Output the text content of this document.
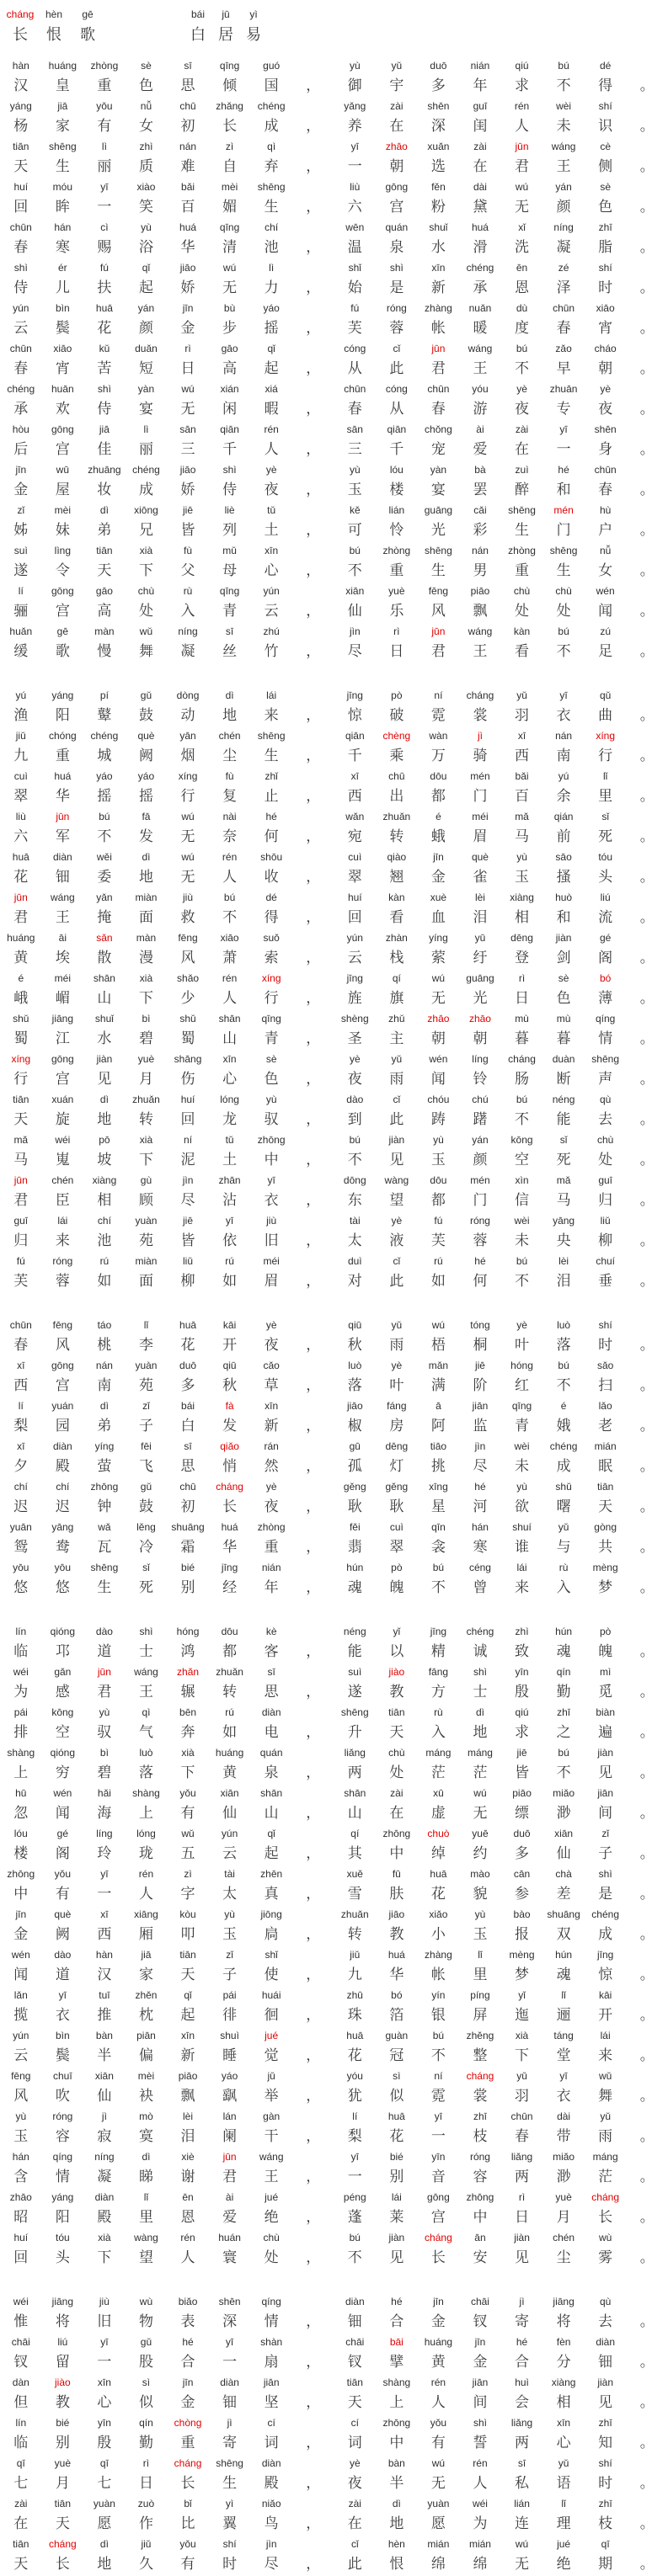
cháng
长
hèn
恨
gē
歌
bái
白
jū
居
yì
易
hàn
汉
huáng
皇
zhòng
重
sè
色
sī
思
qīng
倾
guó
国
，
yù
御
yǔ
宇
duō
多
nián
年
qiú
求
bú
不
dé
得
。
yáng
杨
jiā
家
yǒu
有
nǚ
女
chū
初
zhǎng
长
chéng
成
，
yǎng
养
zài
在
shēn
深
guī
闺
rén
人
wèi
未
shí
识
。
tiān
天
shēng
生
lì
丽
zhì
质
nán
难
zì
自
qì
弃
，
yī
一
zhāo
朝
xuǎn
选
zài
在
jūn
君
wáng
王
cè
侧
。
huí
回
móu
眸
yī
一
xiào
笑
bǎi
百
mèi
媚
shēng
生
，
liù
六
gōng
宫
fěn
粉
dài
黛
wú
无
yán
颜
sè
色
。
chūn
春
hán
寒
cì
赐
yù
浴
huá
华
qīng
清
chí
池
，
wēn
温
quán
泉
shuǐ
水
huá
滑
xǐ
洗
níng
凝
zhī
脂
。
shì
侍
ér
儿
fú
扶
qǐ
起
jiāo
娇
wú
无
lì
力
，
shǐ
始
shì
是
xīn
新
chéng
承
ēn
恩
zé
泽
shí
时
。
yún
云
bìn
鬓
huā
花
yán
颜
jīn
金
bù
步
yáo
摇
，
fú
芙
róng
蓉
zhàng
帐
nuǎn
暖
dù
度
chūn
春
xiāo
宵
。
chūn
春
xiāo
宵
kǔ
苦
duǎn
短
rì
日
gāo
高
qǐ
起
，
cóng
从
cǐ
此
jūn
君
wáng
王
bú
不
zǎo
早
cháo
朝
。
chéng
承
huān
欢
shì
侍
yàn
宴
wú
无
xián
闲
xiá
暇
，
chūn
春
cóng
从
chūn
春
yóu
游
yè
夜
zhuān
专
yè
夜
。
hòu
后
gōng
宫
jiā
佳
lì
丽
sān
三
qiān
千
rén
人
，
sān
三
qiān
千
chǒng
宠
ài
爱
zài
在
yī
一
shēn
身
。
jīn
金
wū
屋
zhuāng
妆
chéng
成
jiāo
娇
shì
侍
yè
夜
，
yù
玉
lóu
楼
yàn
宴
bà
罢
zuì
醉
hé
和
chūn
春
。
zǐ
姊
mèi
妹
dì
弟
xiōng
兄
jiē
皆
liè
列
tǔ
土
，
kě
可
lián
怜
guāng
光
cǎi
彩
shēng
生
mén
门
hù
户
。
suì
遂
lìng
令
tiān
天
xià
下
fù
父
mǔ
母
xīn
心
，
bú
不
zhòng
重
shēng
生
nán
男
zhòng
重
shēng
生
nǚ
女
。
lí
骊
gōng
宫
gāo
高
chù
处
rù
入
qīng
青
yún
云
，
xiān
仙
yuè
乐
fēng
风
piāo
飘
chù
处
chù
处
wén
闻
。
huǎn
缓
gē
歌
màn
慢
wǔ
舞
níng
凝
sī
丝
zhú
竹
，
jìn
尽
rì
日
jūn
君
wáng
王
kàn
看
bú
不
zú
足
。
yú
渔
yáng
阳
pí
鼙
gǔ
鼓
dòng
动
dì
地
lái
来
，
jīng
惊
pò
破
ní
霓
cháng
裳
yǔ
羽
yī
衣
qǔ
曲
。
jiǔ
九
chóng
重
chéng
城
què
阙
yān
烟
chén
尘
shēng
生
，
qiān
千
chèng
乘
wàn
万
jì
骑
xī
西
nán
南
xíng
行
。
cuì
翠
huá
华
yáo
摇
yáo
摇
xíng
行
fù
复
zhǐ
止
，
xī
西
chū
出
dōu
都
mén
门
bǎi
百
yú
余
lǐ
里
。
liù
六
jūn
军
bú
不
fā
发
wú
无
nài
奈
hé
何
，
wǎn
宛
zhuǎn
转
é
蛾
méi
眉
mǎ
马
qián
前
sǐ
死
。
huā
花
diàn
钿
wěi
委
dì
地
wú
无
rén
人
shōu
收
，
cuì
翠
qiào
翘
jīn
金
què
雀
yù
玉
sāo
搔
tóu
头
。
jūn
君
wáng
王
yǎn
掩
miàn
面
jiù
救
bú
不
dé
得
，
huí
回
kàn
看
xuè
血
lèi
泪
xiàng
相
huò
和
liú
流
。
huáng
黄
āi
埃
sǎn
散
màn
漫
fēng
风
xiāo
萧
suǒ
索
，
yún
云
zhàn
栈
yíng
萦
yū
纡
dēng
登
jiàn
剑
gé
阁
。
é
峨
méi
嵋
shān
山
xià
下
shǎo
少
rén
人
xíng
行
，
jīng
旌
qí
旗
wú
无
guāng
光
rì
日
sè
色
bó
薄
。
shǔ
蜀
jiāng
江
shuǐ
水
bì
碧
shǔ
蜀
shān
山
qīng
青
，
shèng
圣
zhǔ
主
zhāo
朝
zhāo
朝
mù
暮
mù
暮
qíng
情
。
xíng
行
gōng
宫
jiàn
见
yuè
月
shāng
伤
xīn
心
sè
色
，
yè
夜
yǔ
雨
wén
闻
líng
铃
cháng
肠
duàn
断
shēng
声
。
tiān
天
xuán
旋
dì
地
zhuǎn
转
huí
回
lóng
龙
yù
驭
，
dào
到
cǐ
此
chóu
踌
chú
躇
bú
不
néng
能
qù
去
。
mǎ
马
wéi
嵬
pō
坡
xià
下
ní
泥
tǔ
土
zhōng
中
，
bú
不
jiàn
见
yù
玉
yán
颜
kōng
空
sǐ
死
chù
处
。
jūn
君
chén
臣
xiàng
相
gù
顾
jìn
尽
zhān
沾
yī
衣
，
dōng
东
wàng
望
dōu
都
mén
门
xìn
信
mǎ
马
guī
归
。
guī
归
lái
来
chí
池
yuàn
苑
jiē
皆
yī
依
jiù
旧
，
tài
太
yè
液
fú
芙
róng
蓉
wèi
未
yāng
央
liǔ
柳
。
fú
芙
róng
蓉
rú
如
miàn
面
liǔ
柳
rú
如
méi
眉
，
duì
对
cǐ
此
rú
如
hé
何
bú
不
lèi
泪
chuí
垂
。
chūn
春
fēng
风
táo
桃
lǐ
李
huā
花
kāi
开
yè
夜
，
qiū
秋
yǔ
雨
wú
梧
tóng
桐
yè
叶
luò
落
shí
时
。
xī
西
gōng
宫
nán
南
yuàn
苑
duō
多
qiū
秋
cǎo
草
，
luò
落
yè
叶
mǎn
满
jiē
阶
hóng
红
bú
不
sǎo
扫
。
lí
梨
yuán
园
dì
弟
zǐ
子
bái
白
fà
发
xīn
新
，
jiāo
椒
fáng
房
ā
阿
jiān
监
qīng
青
é
娥
lǎo
老
。
xī
夕
diàn
殿
yíng
萤
fēi
飞
sī
思
qiǎo
悄
rán
然
，
gū
孤
dēng
灯
tiāo
挑
jìn
尽
wèi
未
chéng
成
mián
眠
。
chí
迟
chí
迟
zhōng
钟
gǔ
鼓
chū
初
cháng
长
yè
夜
，
gěng
耿
gěng
耿
xīng
星
hé
河
yù
欲
shǔ
曙
tiān
天
。
yuān
鸳
yāng
鸯
wǎ
瓦
lěng
冷
shuāng
霜
huá
华
zhòng
重
，
fěi
翡
cuì
翠
qīn
衾
hán
寒
shuí
谁
yǔ
与
gòng
共
。
yōu
悠
yōu
悠
shēng
生
sǐ
死
bié
别
jīng
经
nián
年
，
hún
魂
pò
魄
bú
不
céng
曾
lái
来
rù
入
mèng
梦
。
lín
临
qióng
邛
dào
道
shì
士
hóng
鸿
dōu
都
kè
客
，
néng
能
yǐ
以
jīng
精
chéng
诚
zhì
致
hún
魂
pò
魄
。
wéi
为
gǎn
感
jūn
君
wáng
王
zhǎn
辗
zhuǎn
转
sī
思
，
suì
遂
jiào
教
fāng
方
shì
士
yīn
殷
qín
勤
mì
觅
。
pái
排
kōng
空
yù
驭
qì
气
bēn
奔
rú
如
diàn
电
，
shēng
升
tiān
天
rù
入
dì
地
qiú
求
zhī
之
biàn
遍
。
shàng
上
qióng
穷
bì
碧
luò
落
xià
下
huáng
黄
quán
泉
，
liǎng
两
chù
处
máng
茫
máng
茫
jiē
皆
bú
不
jiàn
见
。
hū
忽
wén
闻
hǎi
海
shàng
上
yǒu
有
xiān
仙
shān
山
，
shān
山
zài
在
xū
虚
wú
无
piāo
缥
miǎo
渺
jiān
间
。
lóu
楼
gé
阁
líng
玲
lóng
珑
wǔ
五
yún
云
qǐ
起
，
qí
其
zhōng
中
chuò
绰
yuē
约
duō
多
xiān
仙
zǐ
子
。
zhōng
中
yǒu
有
yī
一
rén
人
zì
字
tài
太
zhēn
真
，
xuě
雪
fū
肤
huā
花
mào
貌
cān
参
chà
差
shì
是
。
jīn
金
què
阙
xī
西
xiāng
厢
kòu
叩
yù
玉
jiōng
扃
，
zhuǎn
转
jiāo
教
xiǎo
小
yù
玉
bào
报
shuāng
双
chéng
成
。
wén
闻
dào
道
hàn
汉
jiā
家
tiān
天
zǐ
子
shǐ
使
，
jiǔ
九
huá
华
zhàng
帐
lǐ
里
mèng
梦
hún
魂
jīng
惊
。
lǎn
揽
yī
衣
tuī
推
zhěn
枕
qǐ
起
pái
徘
huái
徊
，
zhū
珠
bó
箔
yín
银
píng
屏
yǐ
迤
lǐ
逦
kāi
开
。
yún
云
bìn
鬓
bàn
半
piān
偏
xīn
新
shuì
睡
jué
觉
，
huā
花
guàn
冠
bú
不
zhěng
整
xià
下
táng
堂
lái
来
。
fēng
风
chuī
吹
xiān
仙
mèi
袂
piāo
飘
yáo
飖
jǔ
举
，
yóu
犹
sì
似
ní
霓
cháng
裳
yǔ
羽
yī
衣
wǔ
舞
。
yù
玉
róng
容
jì
寂
mò
寞
lèi
泪
lán
阑
gàn
干
，
lí
梨
huā
花
yī
一
zhī
枝
chūn
春
dài
带
yǔ
雨
。
hán
含
qíng
情
níng
凝
dì
睇
xiè
谢
jūn
君
wáng
王
，
yī
一
bié
别
yīn
音
róng
容
liǎng
两
miǎo
渺
máng
茫
。
zhāo
昭
yáng
阳
diàn
殿
lǐ
里
ēn
恩
ài
爱
jué
绝
，
péng
蓬
lái
莱
gōng
宫
zhōng
中
rì
日
yuè
月
cháng
长
。
huí
回
tóu
头
xià
下
wàng
望
rén
人
huán
寰
chù
处
，
bú
不
jiàn
见
cháng
长
ān
安
jiàn
见
chén
尘
wù
雾
。
wéi
惟
jiāng
将
jiù
旧
wù
物
biǎo
表
shēn
深
qíng
情
，
diàn
钿
hé
合
jīn
金
chāi
钗
jì
寄
jiāng
将
qù
去
。
chāi
钗
liú
留
yī
一
gǔ
股
hé
合
yī
一
shàn
扇
，
chāi
钗
bāi
擘
huáng
黄
jīn
金
hé
合
fèn
分
diàn
钿
。
dàn
但
jiào
教
xīn
心
sì
似
jīn
金
diàn
钿
jiān
坚
，
tiān
天
shàng
上
rén
人
jiān
间
huì
会
xiàng
相
jiàn
见
。
lín
临
bié
别
yīn
殷
qín
勤
chòng
重
jì
寄
cí
词
，
cí
词
zhōng
中
yǒu
有
shì
誓
liǎng
两
xīn
心
zhī
知
。
qī
七
yuè
月
qī
七
rì
日
cháng
长
shēng
生
diàn
殿
，
yè
夜
bàn
半
wú
无
rén
人
sī
私
yǔ
语
shí
时
。
zài
在
tiān
天
yuàn
愿
zuò
作
bǐ
比
yì
翼
niǎo
鸟
，
zài
在
dì
地
yuàn
愿
wéi
为
lián
连
lǐ
理
zhī
枝
。
tiān
天
cháng
长
dì
地
jiǔ
久
yǒu
有
shí
时
jìn
尽
，
cǐ
此
hèn
恨
mián
绵
mián
绵
wú
无
jué
绝
qī
期
。
